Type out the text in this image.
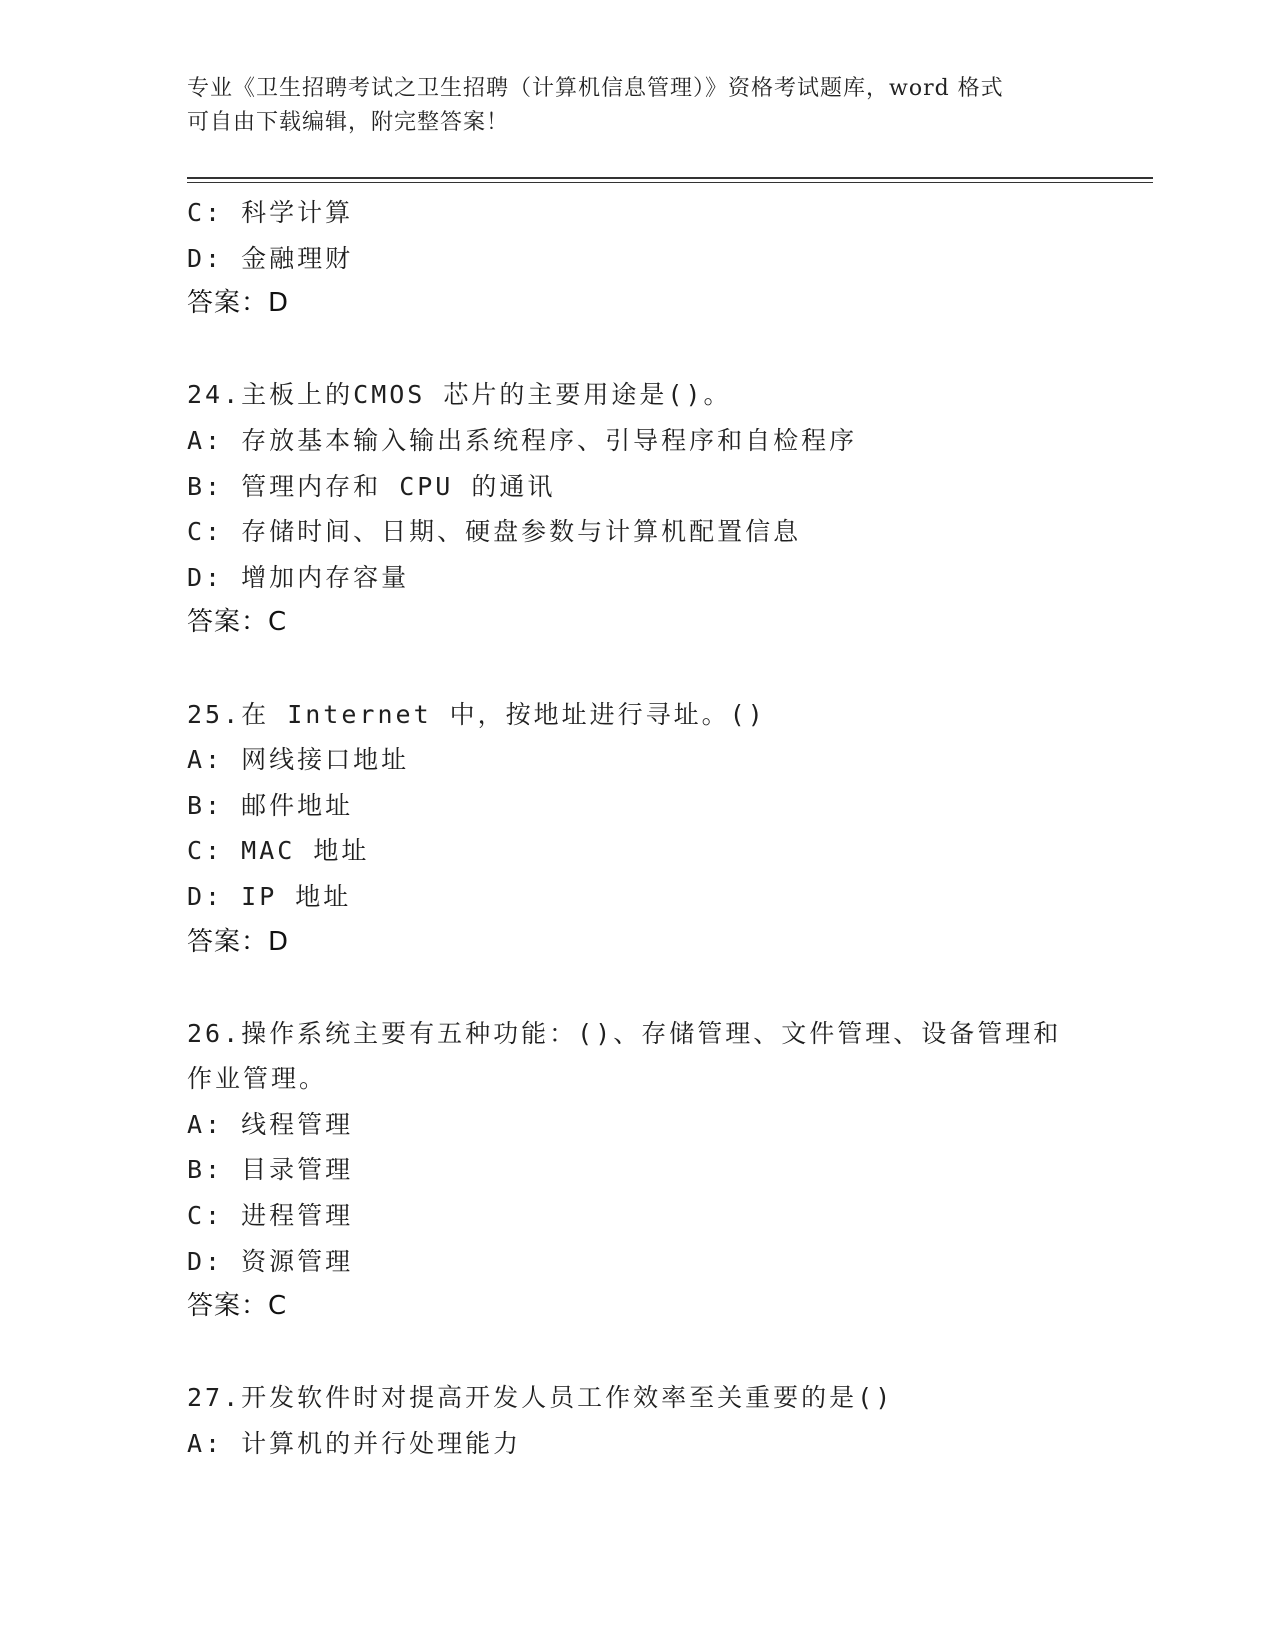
专业《卫生招聘考试之卫生招聘（计算机信息管理）》资格考试题库，word 格式
可自由下载编辑，附完整答案！
C: 科学计算
D: 金融理财
答案：D
24.主板上的CMOS 芯片的主要用途是()。
A: 存放基本输入输出系统程序、引导程序和自检程序
B: 管理内存和 CPU 的通讯
C: 存储时间、日期、硬盘参数与计算机配置信息
D: 增加内存容量
答案：C
25.在 Internet 中，按地址进行寻址。()
A: 网线接口地址
B: 邮件地址
C: MAC 地址
D: IP 地址
答案：D
26.操作系统主要有五种功能：()、存储管理、文件管理、设备管理和
作业管理。
A: 线程管理
B: 目录管理
C: 进程管理
D: 资源管理
答案：C
27.开发软件时对提高开发人员工作效率至关重要的是()
A: 计算机的并行处理能力
